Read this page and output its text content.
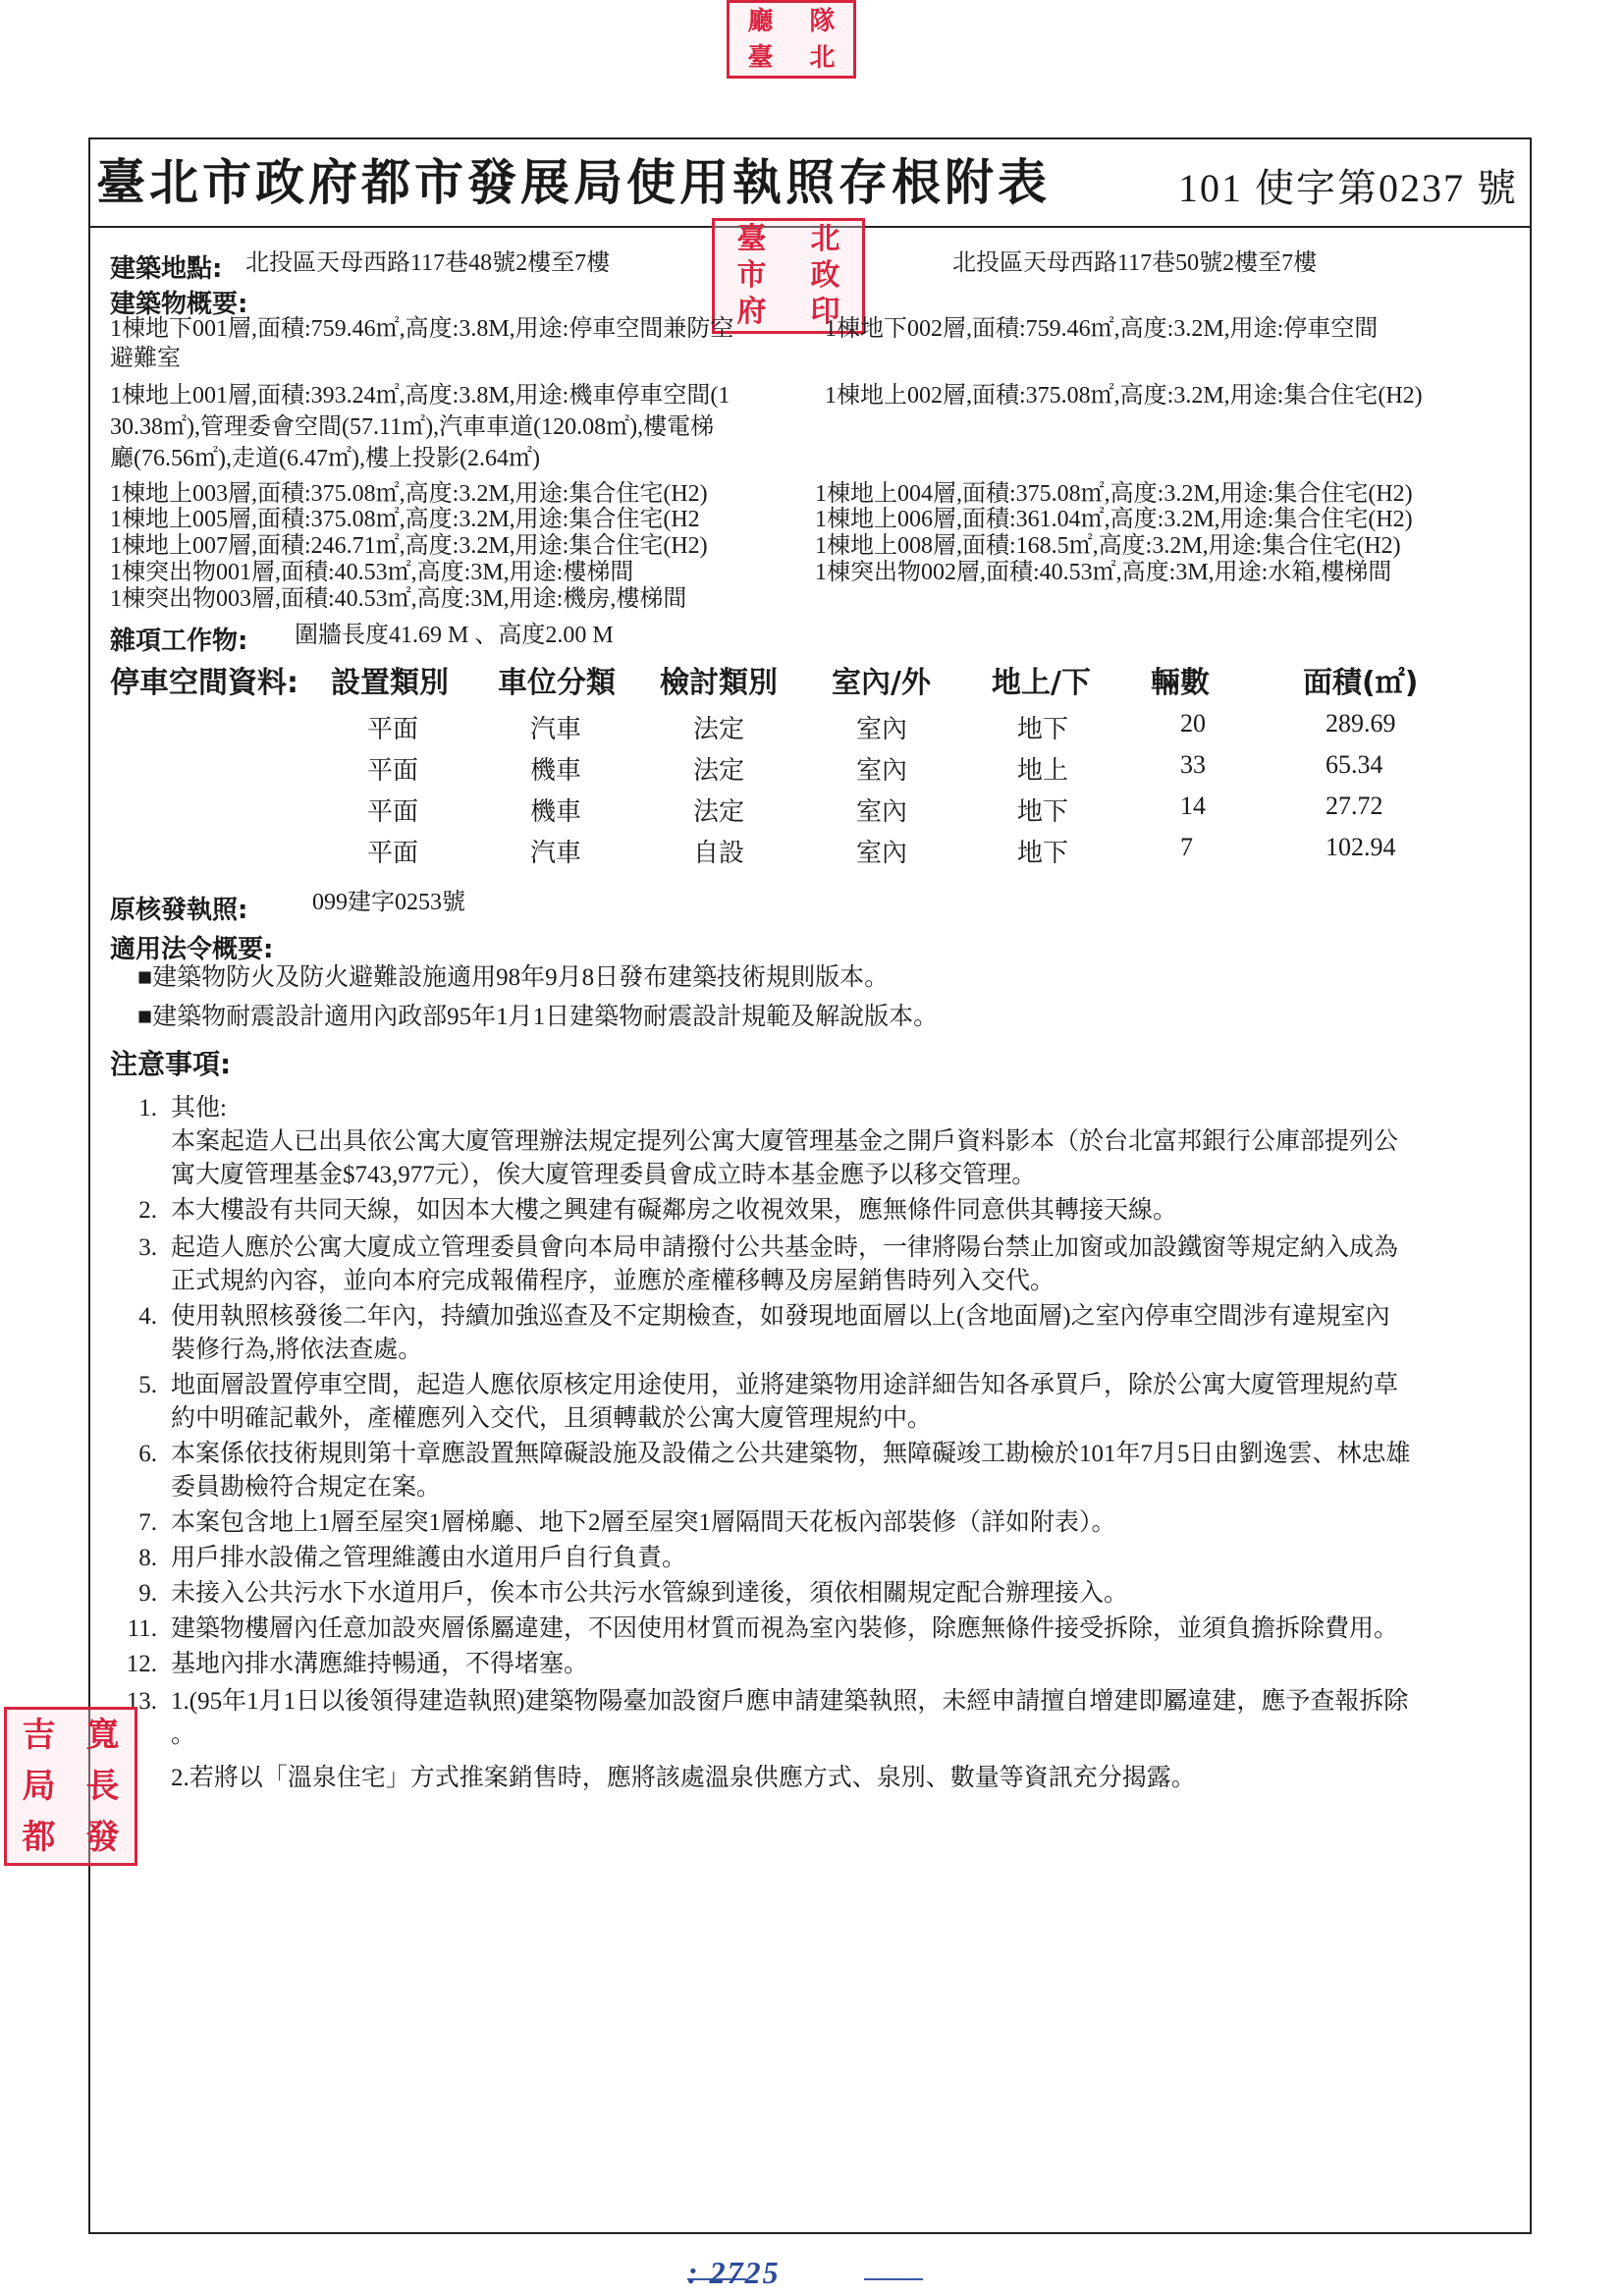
廳 隊
臺 北
臺北市政府都市發展局使用執照存根附表	101 使字第0237 號
臺 北
市 政
府 印
建築地點: 北投區天母西路117巷48號2樓至7樓	北投區天母西路117巷50號2樓至7樓
建築物概要:
1棟地下001層,面積:759.46㎡,高度:3.8M,用途:停車空間兼防空	1棟地下002層,面積:759.46㎡,高度:3.2M,用途:停車空間
避難室
1棟地上001層,面積:393.24㎡,高度:3.8M,用途:機車停車空間(1	1棟地上002層,面積:375.08㎡,高度:3.2M,用途:集合住宅(H2)
30.38㎡),管理委會空間(57.11㎡),汽車車道(120.08㎡),樓電梯
廳(76.56㎡),走道(6.47㎡),樓上投影(2.64㎡)
1棟地上003層,面積:375.08㎡,高度:3.2M,用途:集合住宅(H2)	1棟地上004層,面積:375.08㎡,高度:3.2M,用途:集合住宅(H2)
1棟地上005層,面積:375.08㎡,高度:3.2M,用途:集合住宅(H2	1棟地上006層,面積:361.04㎡,高度:3.2M,用途:集合住宅(H2)
1棟地上007層,面積:246.71㎡,高度:3.2M,用途:集合住宅(H2)	1棟地上008層,面積:168.5㎡,高度:3.2M,用途:集合住宅(H2)
1棟突出物001層,面積:40.53㎡,高度:3M,用途:樓梯間	1棟突出物002層,面積:40.53㎡,高度:3M,用途:水箱,樓梯間
1棟突出物003層,面積:40.53㎡,高度:3M,用途:機房,樓梯間
雜項工作物: 圍牆長度41.69 M 、高度2.00 M
停車空間資料: 設置類別 車位分類 檢討類別 室內/外 地上/下 輛數	面積(㎡)
平面	汽車	法定	室內	地下	20	289.69
平面	機車	法定	室內	地上	33	65.34
平面	機車	法定	室內	地下	14	27.72
平面	汽車	自設	室內	地下	7	102.94
原核發執照:	099建字0253號
適用法令概要:
■建築物防火及防火避難設施適用98年9月8日發布建築技術規則版本。
■建築物耐震設計適用內政部95年1月1日建築物耐震設計規範及解說版本。
注意事項:
1. 其他:
本案起造人已出具依公寓大廈管理辦法規定提列公寓大廈管理基金之開戶資料影本（於台北富邦銀行公庫部提列公
寓大廈管理基金$743,977元），俟大廈管理委員會成立時本基金應予以移交管理。
2. 本大樓設有共同天線，如因本大樓之興建有礙鄰房之收視效果，應無條件同意供其轉接天線。
3. 起造人應於公寓大廈成立管理委員會向本局申請撥付公共基金時，一律將陽台禁止加窗或加設鐵窗等規定納入成為
正式規約內容，並向本府完成報備程序，並應於產權移轉及房屋銷售時列入交代。
4. 使用執照核發後二年內，持續加強巡查及不定期檢查，如發現地面層以上(含地面層)之室內停車空間涉有違規室內
裝修行為,將依法查處。
5. 地面層設置停車空間，起造人應依原核定用途使用，並將建築物用途詳細告知各承買戶，除於公寓大廈管理規約草
約中明確記載外，產權應列入交代，且須轉載於公寓大廈管理規約中。
6. 本案係依技術規則第十章應設置無障礙設施及設備之公共建築物，無障礙竣工勘檢於101年7月5日由劉逸雲、林忠雄
委員勘檢符合規定在案。
7. 本案包含地上1層至屋突1層梯廳、地下2層至屋突1層隔間天花板內部裝修（詳如附表）。
8. 用戶排水設備之管理維護由水道用戶自行負責。
9. 未接入公共污水下水道用戶，俟本市公共污水管線到達後，須依相關規定配合辦理接入。
11. 建築物樓層內任意加設夾層係屬違建，不因使用材質而視為室內裝修，除應無條件接受拆除，並須負擔拆除費用。
12. 基地內排水溝應維持暢通，不得堵塞。
13. 1.(95年1月1日以後領得建造執照)建築物陽臺加設窗戶應申請建築執照，未經申請擅自增建即屬違建，應予查報拆除
。
2.若將以「溫泉住宅」方式推案銷售時，應將該處溫泉供應方式、泉別、數量等資訊充分揭露。
吉 寬
局 長
都 發
: 2725
